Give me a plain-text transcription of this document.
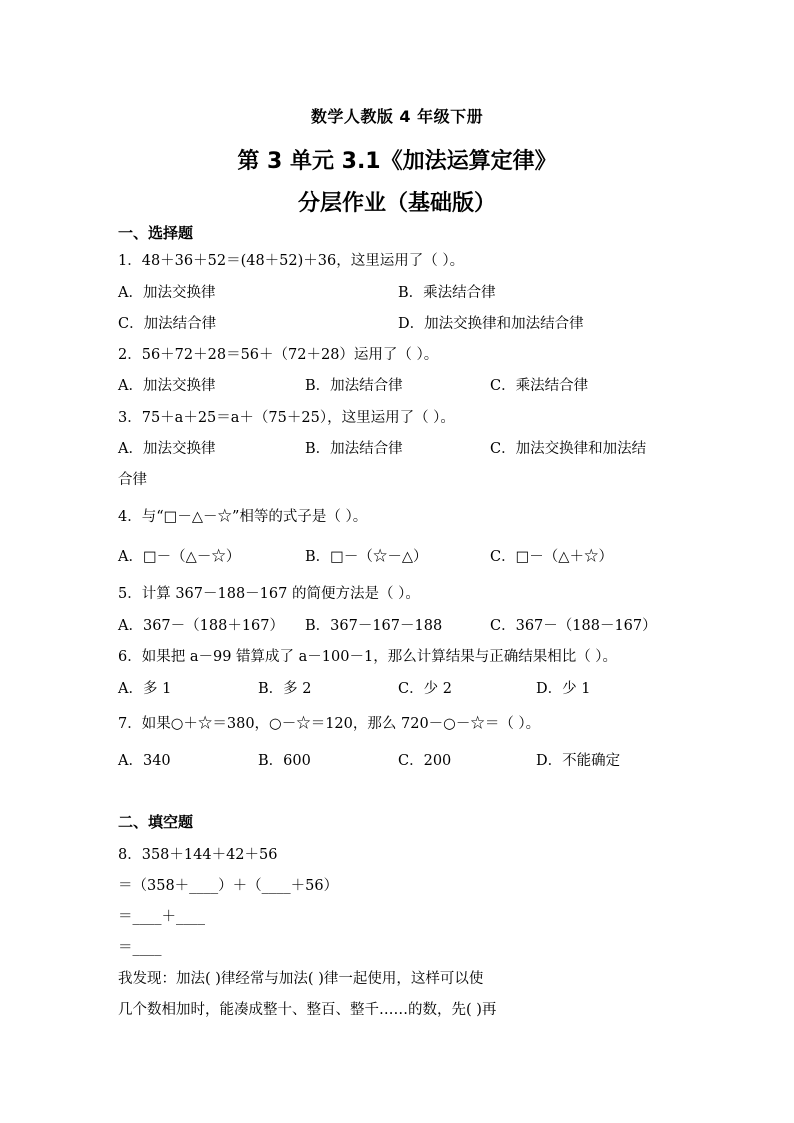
数学人教版 4 年级下册
第 3 单元 3.1《加法运算定律》
分层作业（基础版）
一、选择题
1．48＋36＋52＝(48＋52)＋36，这里运用了（ ）。
A．加法交换律	B．乘法结合律
C．加法结合律	D．加法交换律和加法结合律
2．56＋72＋28＝56＋（72＋28）运用了（ ）。
A．加法交换律	B．加法结合律	C．乘法结合律
3．75＋a＋25＝a＋（75＋25），这里运用了（ ）。
A．加法交换律	B．加法结合律	C．加法交换律和加法结
合律
4．与“□－△－☆”相等的式子是（ ）。
A．□－（△－☆）	B．□－（☆－△）	C．□－（△＋☆）
5．计算 367－188－167 的简便方法是（ ）。
A．367－（188＋167） B．367－167－188	C．367－（188－167）
6．如果把 a－99 错算成了 a－100－1，那么计算结果与正确结果相比（ ）。
A．多 1	B．多 2	C．少 2	D．少 1
7．如果○＋☆＝380，○－☆＝120，那么 720－○－☆＝（ ）。
A．340	B．600	C．200	D．不能确定
二、填空题
8．358＋144＋42＋56
＝（358＋____）＋（____＋56）
＝____＋____
＝____
我发现：加法( )律经常与加法( )律一起使用，这样可以使
几个数相加时，能凑成整十、整百、整千……的数，先( )再
